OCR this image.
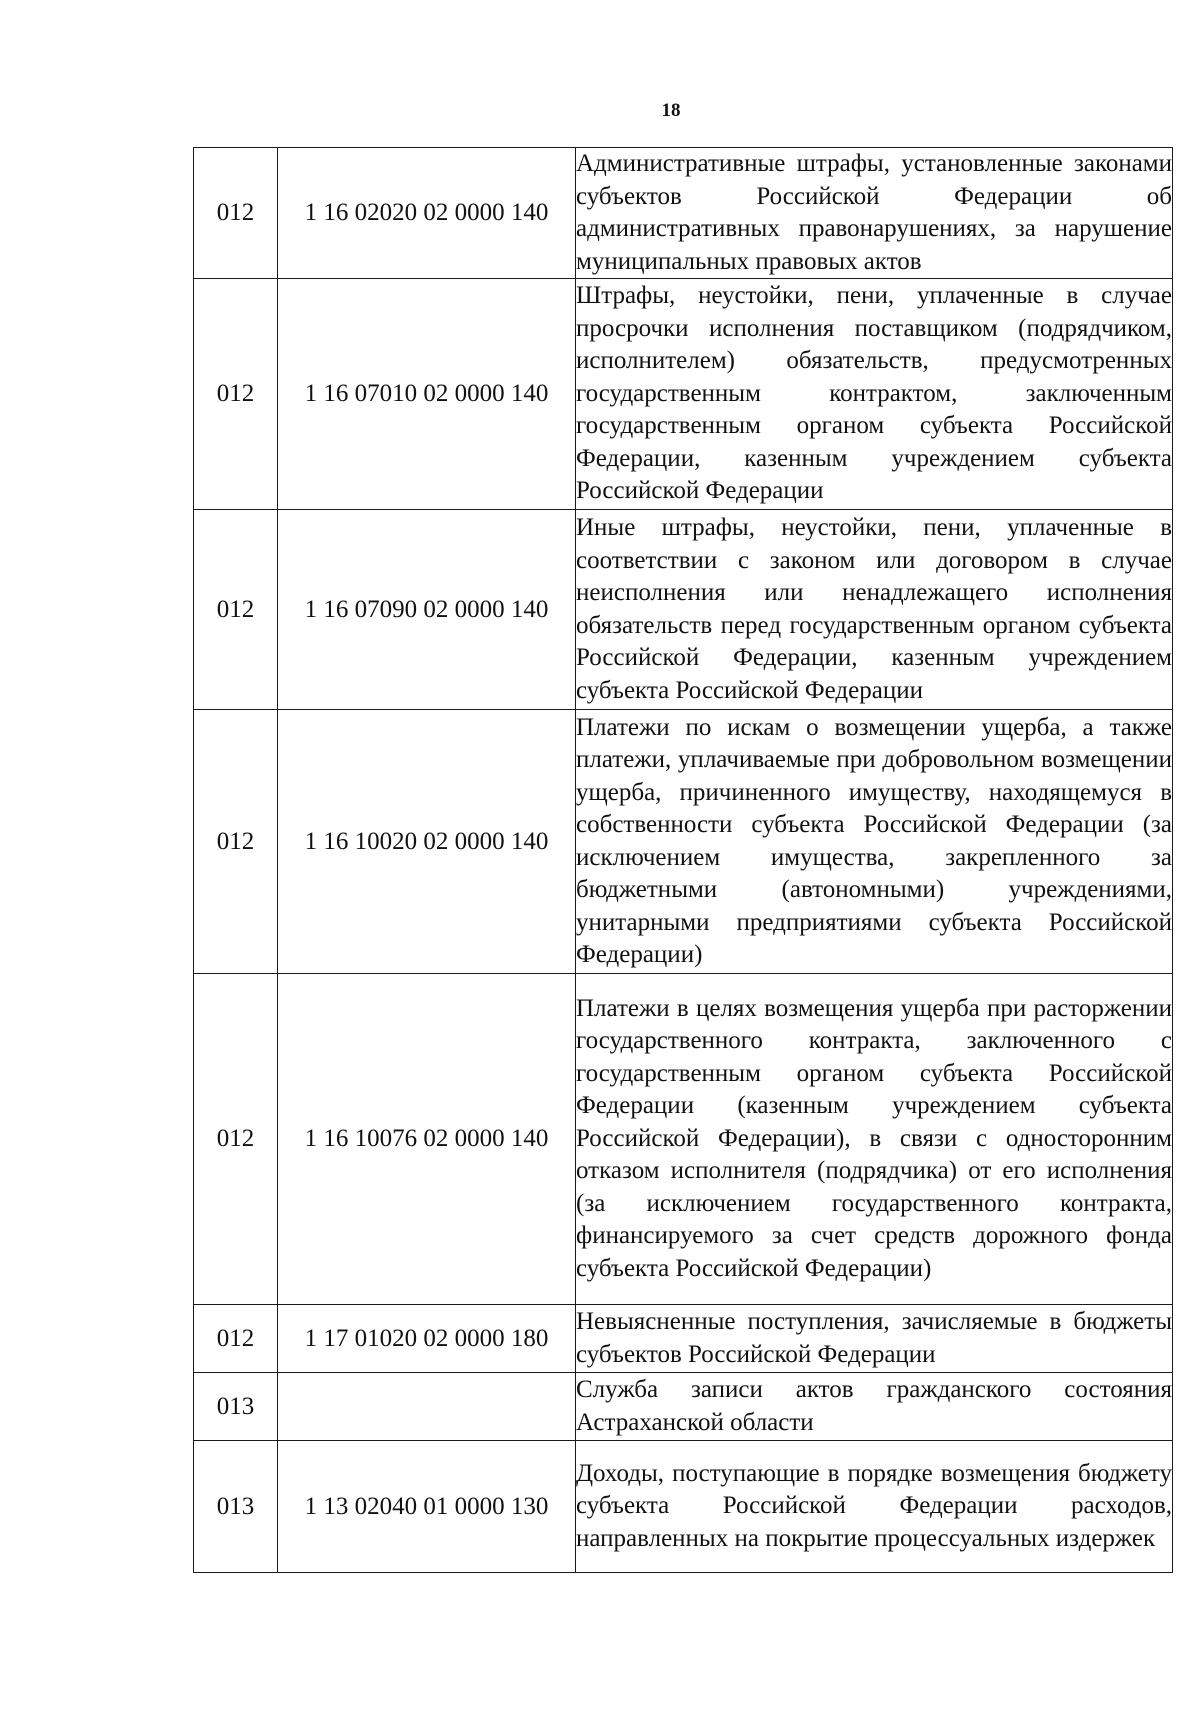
18
012	1 16 02020 02 0000 140	Административные штрафы, установленные законами субъектов Российской Федерации об административных правонарушениях, за нарушение муниципальных правовых актов
012	1 16 07010 02 0000 140	Штрафы, неустойки, пени, уплаченные в случае просрочки исполнения поставщиком (подрядчиком, исполнителем) обязательств, предусмотренных государственным контрактом, заключенным государственным органом субъекта Российской Федерации, казенным учреждением субъекта Российской Федерации
012	1 16 07090 02 0000 140	Иные штрафы, неустойки, пени, уплаченные в соответствии с законом или договором в случае неисполнения или ненадлежащего исполнения обязательств перед государственным органом субъекта Российской Федерации, казенным учреждением субъекта Российской Федерации
012	1 16 10020 02 0000 140	Платежи по искам о возмещении ущерба, а также платежи, уплачиваемые при добровольном возмещении ущерба, причиненного имуществу, находящемуся в собственности субъекта Российской Федерации (за исключением имущества, закрепленного за бюджетными (автономными) учреждениями, унитарными предприятиями субъекта Российской Федерации)
012	1 16 10076 02 0000 140	Платежи в целях возмещения ущерба при расторжении государственного контракта, заключенного с государственным органом субъекта Российской Федерации (казенным учреждением субъекта Российской Федерации), в связи с односторонним отказом исполнителя (подрядчика) от его исполнения (за исключением государственного контракта, финансируемого за счет средств дорожного фонда субъекта Российской Федерации)
012	1 17 01020 02 0000 180	Невыясненные поступления, зачисляемые в бюджеты субъектов Российской Федерации
013		Служба записи актов гражданского состояния Астраханской области
013	1 13 02040 01 0000 130	Доходы, поступающие в порядке возмещения бюджету субъекта Российской Федерации расходов, направленных на покрытие процессуальных издержек
